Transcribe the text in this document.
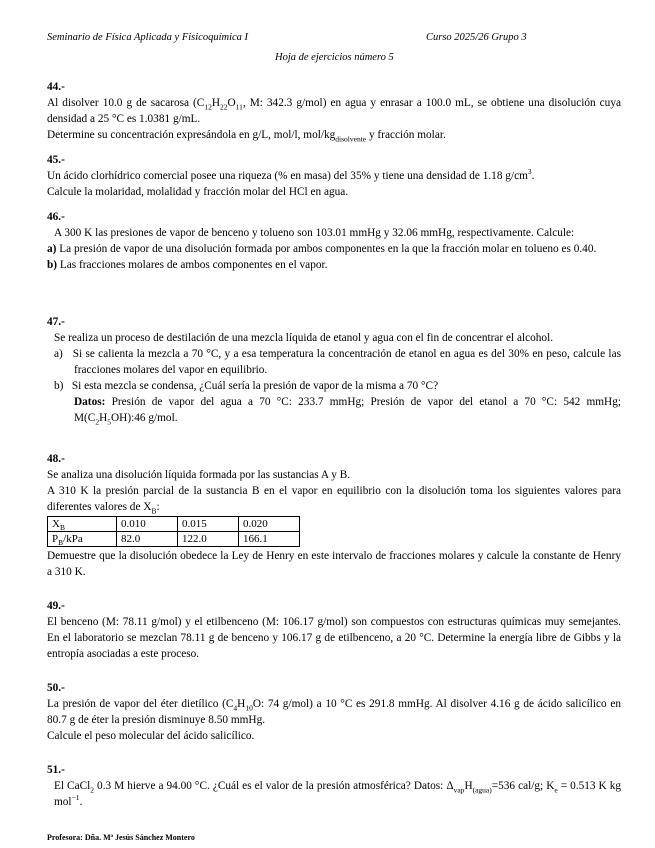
Seminario de Física Aplicada y Fisicoquímica I	Curso 2025/26 Grupo 3
Hoja de ejercicios número 5
44.-
Al disolver 10.0 g de sacarosa ($C_{12}H_{22}O_{11}$, M: 342.3 g/mol) en agua y enrasar a 100.0 mL, se obtiene una disolución cuya densidad a 25 °C es 1.0381 g/mL.
Determine su concentración expresándola en g/L, mol/l, mol/$kg_{disolvente}$ y fracción molar.
45.-
Un ácido clorhídrico comercial posee una riqueza (% en masa) del 35% y tiene una densidad de 1.18 $g/cm^3$.
Calcule la molaridad, molalidad y fracción molar del HCl en agua.
46.-
A 300 K las presiones de vapor de benceno y tolueno son 103.01 mmHg y 32.06 mmHg, respectivamente. Calcule:
a) La presión de vapor de una disolución formada por ambos componentes en la que la fracción molar en tolueno es 0.40.
b) Las fracciones molares de ambos componentes en el vapor.
47.-
Se realiza un proceso de destilación de una mezcla líquida de etanol y agua con el fin de concentrar el alcohol.
a)   Si se calienta la mezcla a 70 °C, y a esa temperatura la concentración de etanol en agua es del 30% en peso, calcule las fracciones molares del vapor en equilibrio.
b)   Si esta mezcla se condensa, ¿Cuál sería la presión de vapor de la misma a 70 °C?
Datos: Presión de vapor del agua a 70 °C: 233.7 mmHg; Presión de vapor del etanol a 70 °C: 542 mmHg; $M(C_2H_5OH):46$ g/mol.
48.-
Se analiza una disolución líquida formada por las sustancias A y B.
A 310 K la presión parcial de la sustancia B en el vapor en equilibrio con la disolución toma los siguientes valores para diferentes valores de $X_B$:
$X_B$	0.010	0.015	0.020
$P_B$/kPa	82.0	122.0	166.1
Demuestre que la disolución obedece la Ley de Henry en este intervalo de fracciones molares y calcule la constante de Henry a 310 K.
49.-
El benceno (M: 78.11 g/mol) y el etilbenceno (M: 106.17 g/mol) son compuestos con estructuras químicas muy semejantes. En el laboratorio se mezclan 78.11 g de benceno y 106.17 g de etilbenceno, a 20 °C. Determine la energía libre de Gibbs y la entropía asociadas a este proceso.
50.-
La presión de vapor del éter dietílico ($C_4H_{10}O$: 74 g/mol) a 10 °C es 291.8 mmHg. Al disolver 4.16 g de ácido salicílico en 80.7 g de éter la presión disminuye 8.50 mmHg.
Calcule el peso molecular del ácido salicílico.
51.-
El CaCl$_2$ 0.3 M hierve a 94.00 °C. ¿Cuál es el valor de la presión atmosférica? Datos: $\Delta_{vap}H_{(agua)}=536$ cal/g; $K_e = 0.513$ K kg mol$^{-1}$.
Profesora: Dña. Mª Jesús Sánchez Montero
